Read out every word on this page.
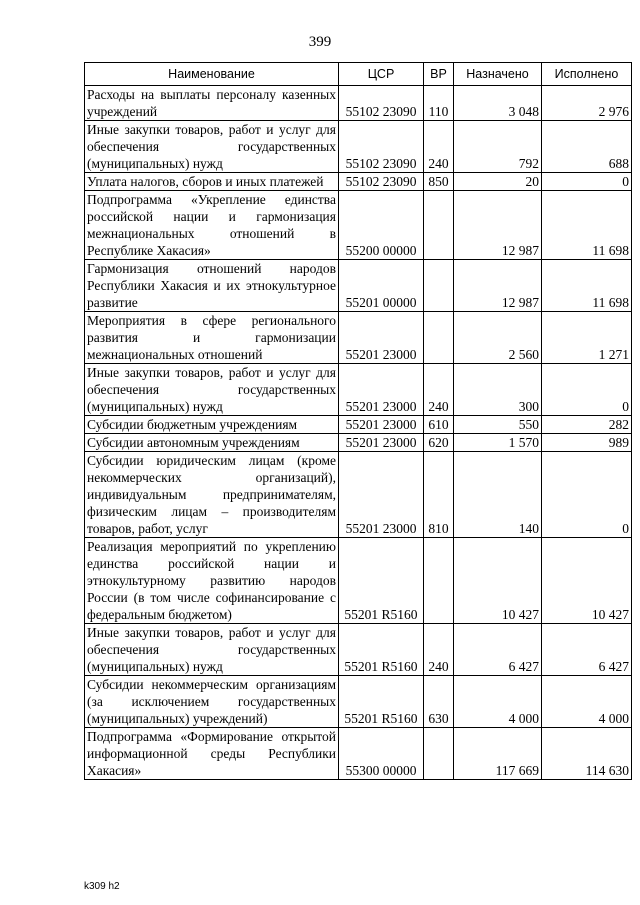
399
Наименование	ЦСР	ВР	Назначено	Исполнено
Расходы на выплаты персоналу казенных учреждений	55102 23090	110	3 048	2 976
Иные закупки товаров, работ и услуг для обеспечения государственных (муниципальных) нужд	55102 23090	240	792	688
Уплата налогов, сборов и иных платежей	55102 23090	850	20	0
Подпрограмма «Укрепление единства российской нации и гармонизация межнациональных отношений в Республике Хакасия»	55200 00000		12 987	11 698
Гармонизация отношений народов Республики Хакасия и их этнокультурное развитие	55201 00000		12 987	11 698
Мероприятия в сфере регионального развития и гармонизации межнациональных отношений	55201 23000		2 560	1 271
Иные закупки товаров, работ и услуг для обеспечения государственных (муниципальных) нужд	55201 23000	240	300	0
Субсидии бюджетным учреждениям	55201 23000	610	550	282
Субсидии автономным учреждениям	55201 23000	620	1 570	989
Субсидии юридическим лицам (кроме некоммерческих организаций), индивидуальным предпринимателям, физическим лицам – производителям товаров, работ, услуг	55201 23000	810	140	0
Реализация мероприятий по укреплению единства российской нации и этнокультурному развитию народов России (в том числе софинансирование с федеральным бюджетом)	55201 R5160		10 427	10 427
Иные закупки товаров, работ и услуг для обеспечения государственных (муниципальных) нужд	55201 R5160	240	6 427	6 427
Субсидии некоммерческим организациям (за исключением государственных (муниципальных) учреждений)	55201 R5160	630	4 000	4 000
Подпрограмма «Формирование открытой информационной среды Республики Хакасия»	55300 00000		117 669	114 630
k309 h2
